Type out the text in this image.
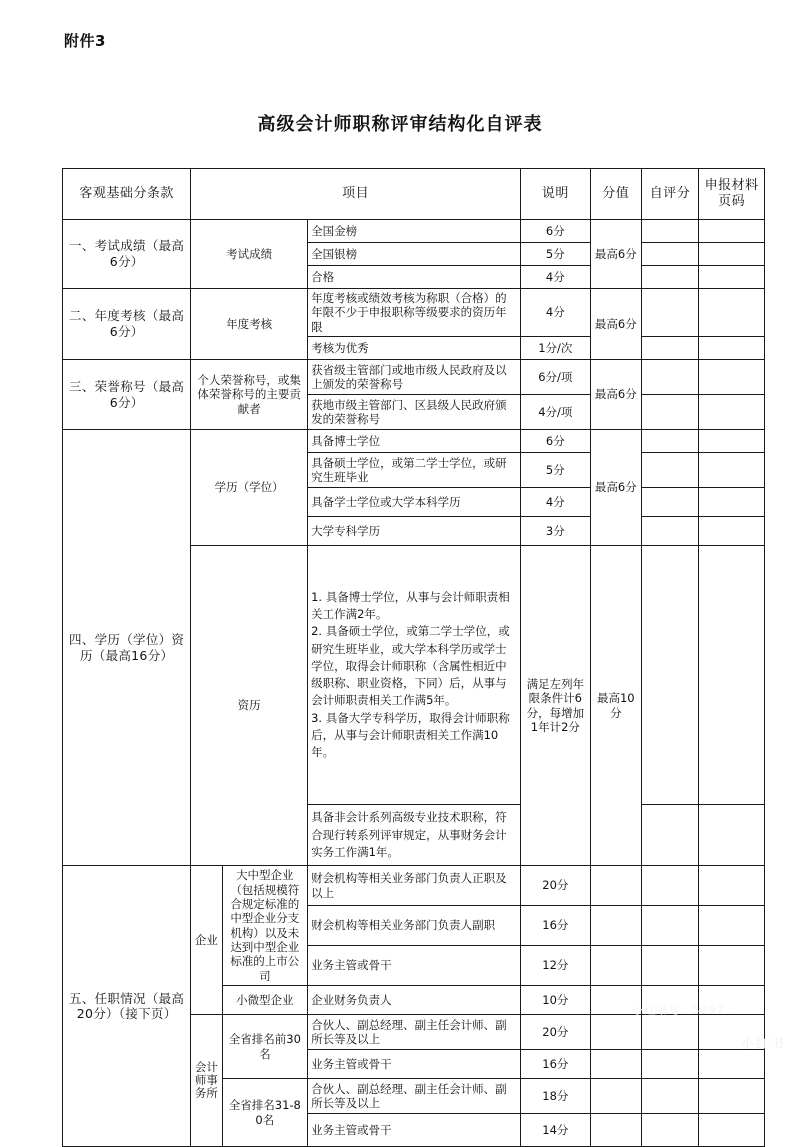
附件3
高级会计师职称评审结构化自评表
客观基础分条款	项目			说明	分值	自评分	申报材料页码
一、考试成绩（最高6分）	考试成绩		全国金榜	6分	最高6分		
			全国银榜	5分			
			合格	4分			
二、年度考核（最高6分）	年度考核		年度考核或绩效考核为称职（合格）的年限不少于申报职称等级要求的资历年限	4分	最高6分		
			考核为优秀	1分/次			
三、荣誉称号（最高6分）	个人荣誉称号，或集体荣誉称号的主要贡献者		获省级主管部门或地市级人民政府及以上颁发的荣誉称号	6分/项	最高6分		
			获地市级主管部门、区县级人民政府颁发的荣誉称号	4分/项			
四、学历（学位）资历（最高16分）	学历（学位）		具备博士学位	6分	最高6分		
			具备硕士学位，或第二学士学位，或研究生班毕业	5分			
			具备学士学位或大学本科学历	4分			
			大学专科学历	3分			
	资历		1. 具备博士学位，从事与会计师职责相关工作满2年。

2. 具备硕士学位，或第二学士学位，或研究生班毕业，或大学本科学历或学士学位，取得会计师职称（含属性相近中级职称、职业资格，下同）后，从事与会计师职责相关工作满5年。

3. 具备大学专科学历，取得会计师职称后，从事与会计师职责相关工作满10年。	满足左列年限条件计6分，每增加1年计2分	最高10分		
			具备非会计系列高级专业技术职称，符合现行转系列评审规定，从事财务会计实务工作满1年。				
五、任职情况（最高20分）（接下页）	企业	大中型企业（包括规模符合规定标准的中型企业分支机构）以及未达到中型企业标准的上市公司	财会机构等相关业务部门负责人正职及以上	20分			
			财会机构等相关业务部门负责人副职	16分			
			业务主管或骨干	12分			
		小微型企业	企业财务负责人	10分			
	会计师事务所	全省排名前30名	合伙人、副总经理、副主任会计师、副所长等及以上	20分			
			业务主管或骨干	16分			
		全省排名31-80名	合伙人、副总经理、副主任会计师、副所长等及以上	18分			
			业务主管或骨干	14分			
小红书
小红书号：5897...
